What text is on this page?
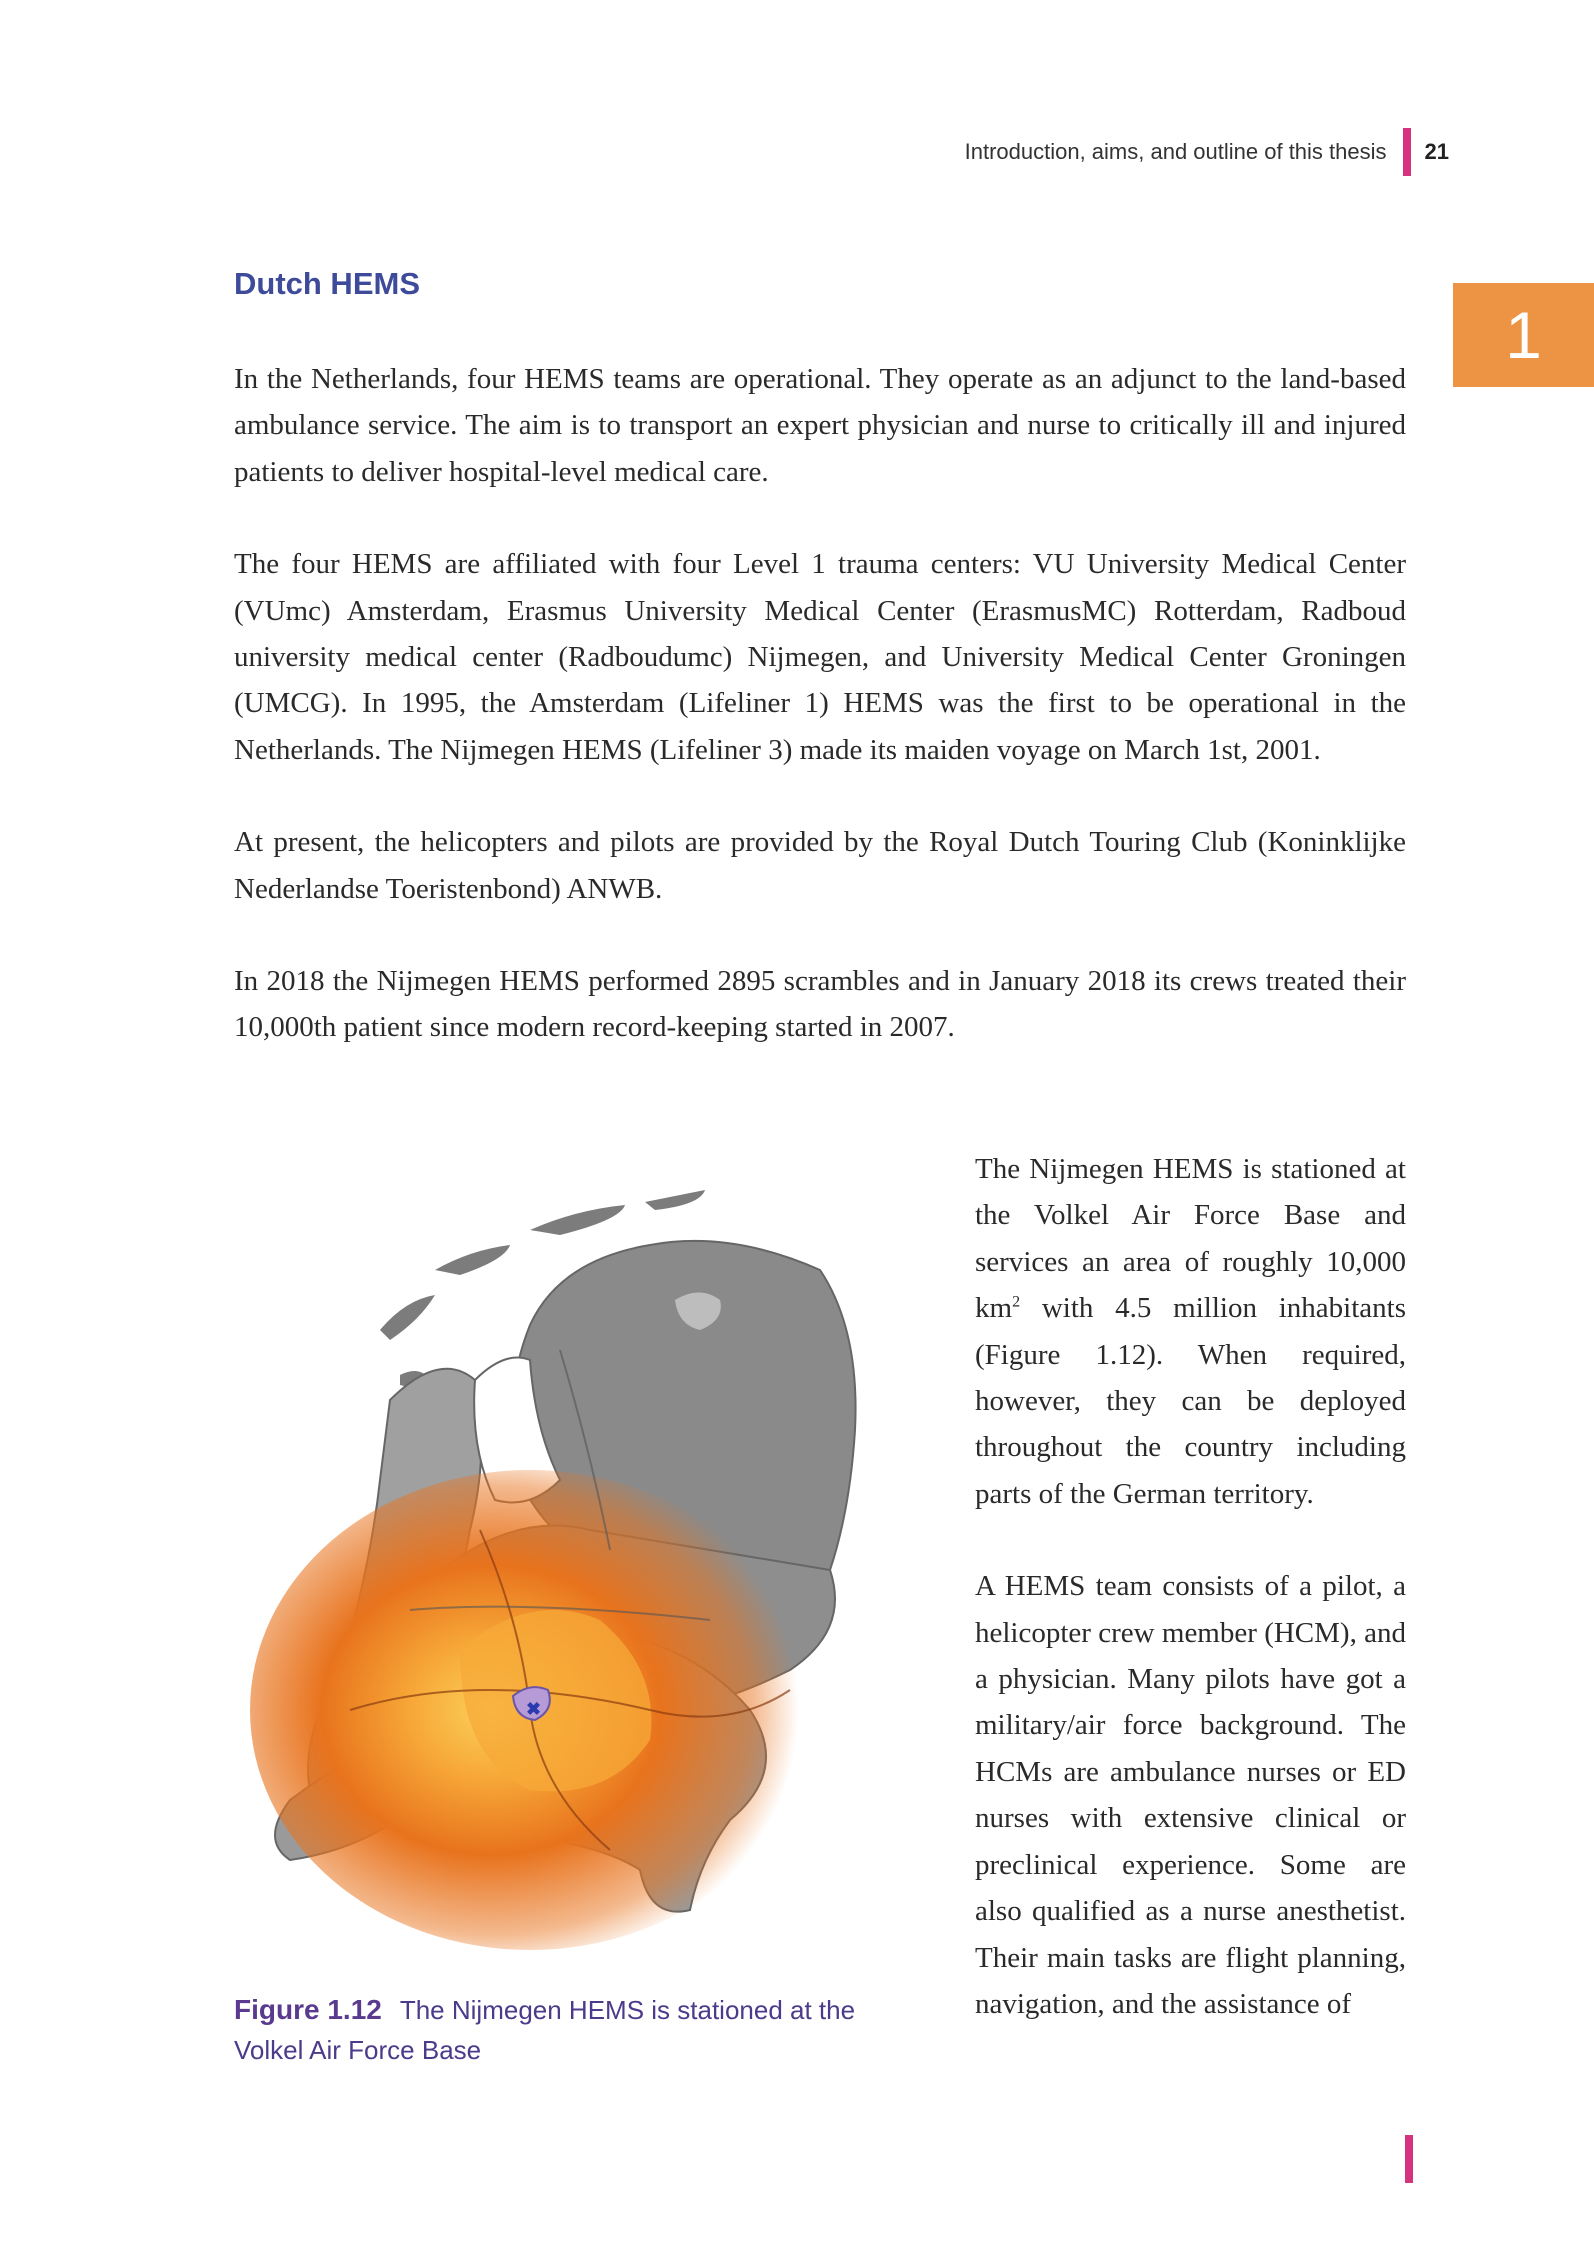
Introduction, aims, and outline of this thesis 21
1
Dutch HEMS

In the Netherlands, four HEMS teams are operational. They operate as an adjunct to the land-based ambulance service. The aim is to transport an expert physician and nurse to critically ill and injured patients to deliver hospital-level medical care.

The four HEMS are affiliated with four Level 1 trauma centers: VU University Medical Center (VUmc) Amsterdam, Erasmus University Medical Center (ErasmusMC) Rotterdam, Radboud university medical center (Radboudumc) Nijmegen, and University Medical Center Groningen (UMCG). In 1995, the Amsterdam (Lifeliner 1) HEMS was the first to be operational in the Netherlands. The Nijmegen HEMS (Lifeliner 3) made its maiden voyage on March 1st, 2001.

At present, the helicopters and pilots are provided by the Royal Dutch Touring Club (Koninklijke Nederlandse Toeristenbond) ANWB.

In 2018 the Nijmegen HEMS performed 2895 scrambles and in January 2018 its crews treated their 10,000th patient since modern record-keeping started in 2007.

✖
Figure 1.12 The Nijmegen HEMS is stationed at the Volkel Air Force Base

The Nijmegen HEMS is stationed at the Volkel Air Force Base and services an area of roughly 10,000 $km^2$ with 4.5 million inhabitants (Figure 1.12). When required, however, they can be deployed throughout the country including parts of the German territory.

A HEMS team consists of a pilot, a helicopter crew member (HCM), and a physician. Many pilots have got a military/air force background. The HCMs are ambulance nurses or ED nurses with extensive clinical or preclinical experience. Some are also qualified as a nurse anesthetist. Their main tasks are flight planning, navigation, and the assistance of
